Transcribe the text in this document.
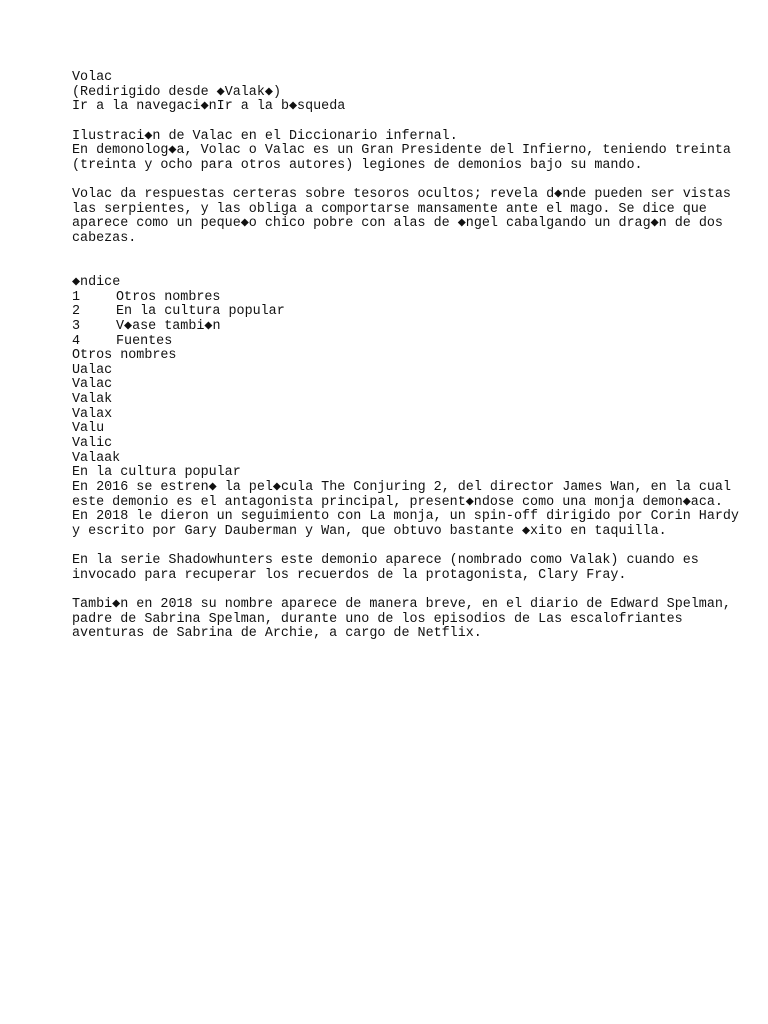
Volac
(Redirigido desde ◆Valak◆)
Ir a la navegaci◆nIr a la b◆squeda
Ilustraci◆n de Valac en el Diccionario infernal.
En demonolog◆a, Volac o Valac es un Gran Presidente del Infierno, teniendo treinta
(treinta y ocho para otros autores) legiones de demonios bajo su mando.
Volac da respuestas certeras sobre tesoros ocultos; revela d◆nde pueden ser vistas
las serpientes, y las obliga a comportarse mansamente ante el mago. Se dice que
aparece como un peque◆o chico pobre con alas de ◆ngel cabalgando un drag◆n de dos
cabezas.
◆ndice
1	Otros nombres
2	En la cultura popular
3	V◆ase tambi◆n
4	Fuentes
Otros nombres
Ualac
Valac
Valak
Valax
Valu
Valic
Valaak
En la cultura popular
En 2016 se estren◆ la pel◆cula The Conjuring 2, del director James Wan, en la cual
este demonio es el antagonista principal, present◆ndose como una monja demon◆aca.
En 2018 le dieron un seguimiento con La monja, un spin-off dirigido por Corin Hardy
y escrito por Gary Dauberman y Wan, que obtuvo bastante ◆xito en taquilla.
En la serie Shadowhunters este demonio aparece (nombrado como Valak) cuando es
invocado para recuperar los recuerdos de la protagonista, Clary Fray.
Tambi◆n en 2018 su nombre aparece de manera breve, en el diario de Edward Spelman,
padre de Sabrina Spelman, durante uno de los episodios de Las escalofriantes
aventuras de Sabrina de Archie, a cargo de Netflix.
